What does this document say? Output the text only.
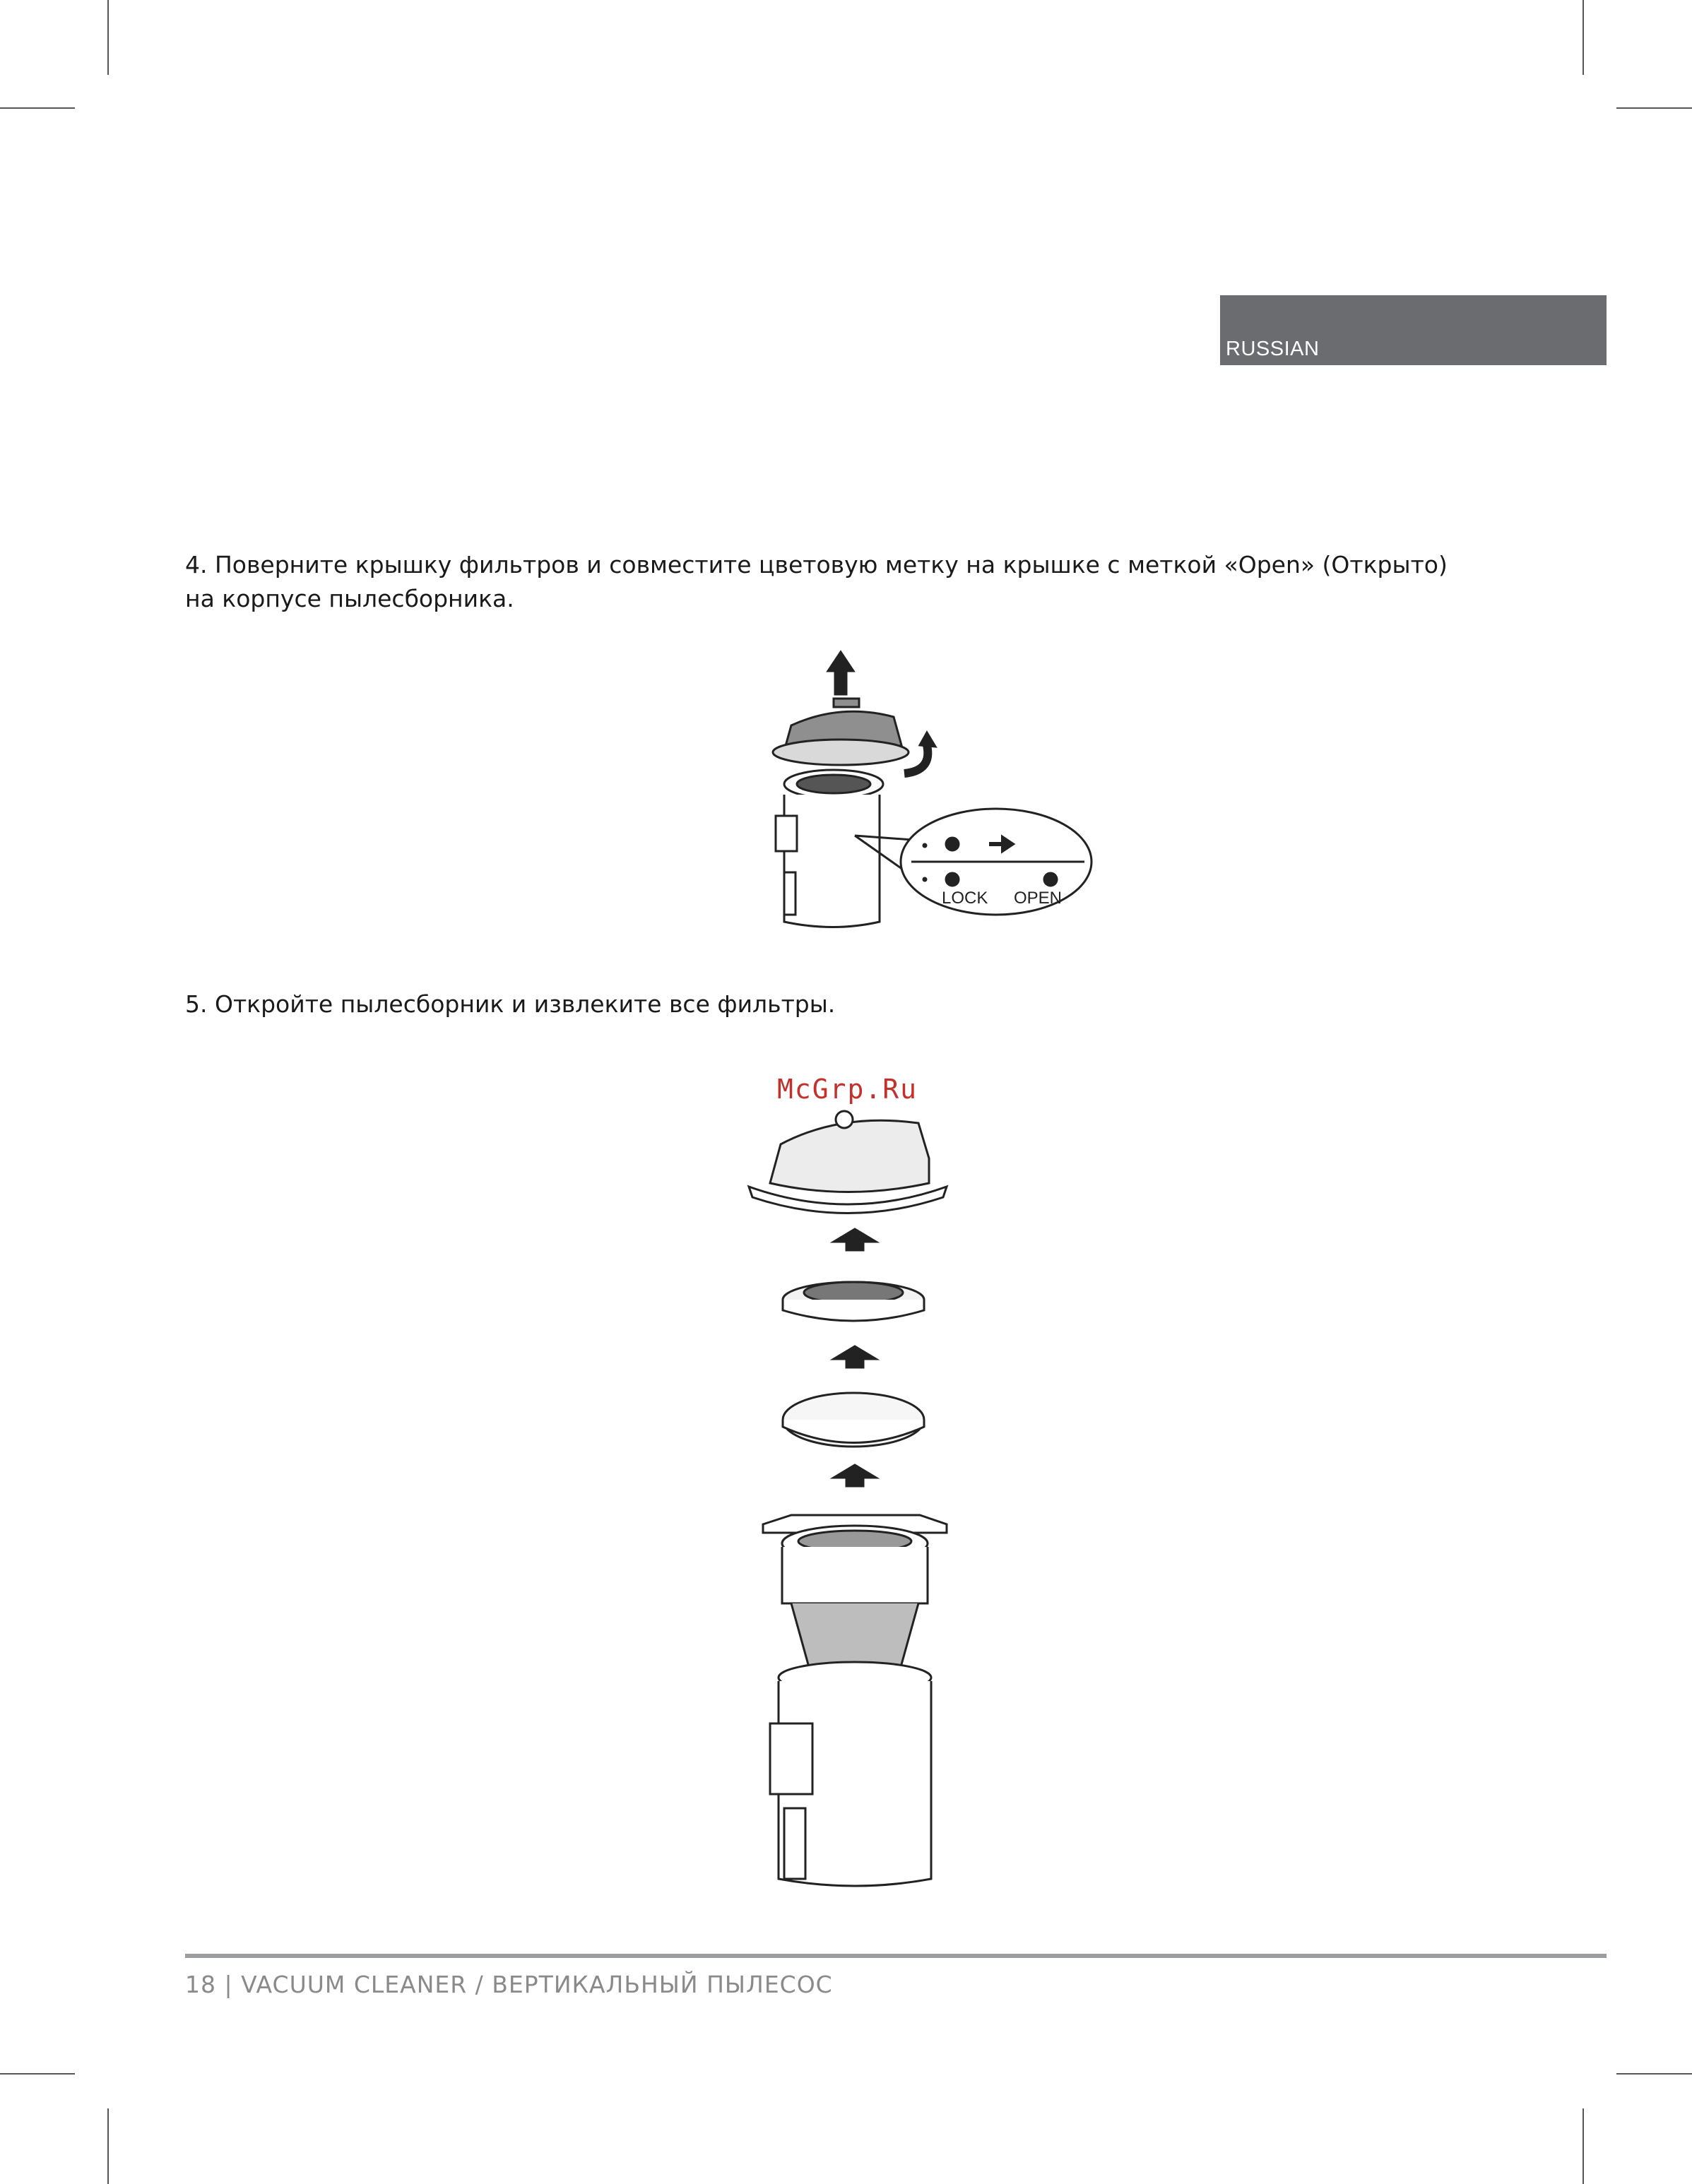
RUSSIAN
4. Поверните крышку фильтров и совместите цветовую метку на крышке с меткой «Open» (Открыто)
на корпусе пылесборника.
LOCK OPEN
5. Откройте пылесборник и извлеките все фильтры.
McGrp.Ru
18 | VACUUM CLEANER / ВЕРТИКАЛЬНЫЙ ПЫЛЕСОС
